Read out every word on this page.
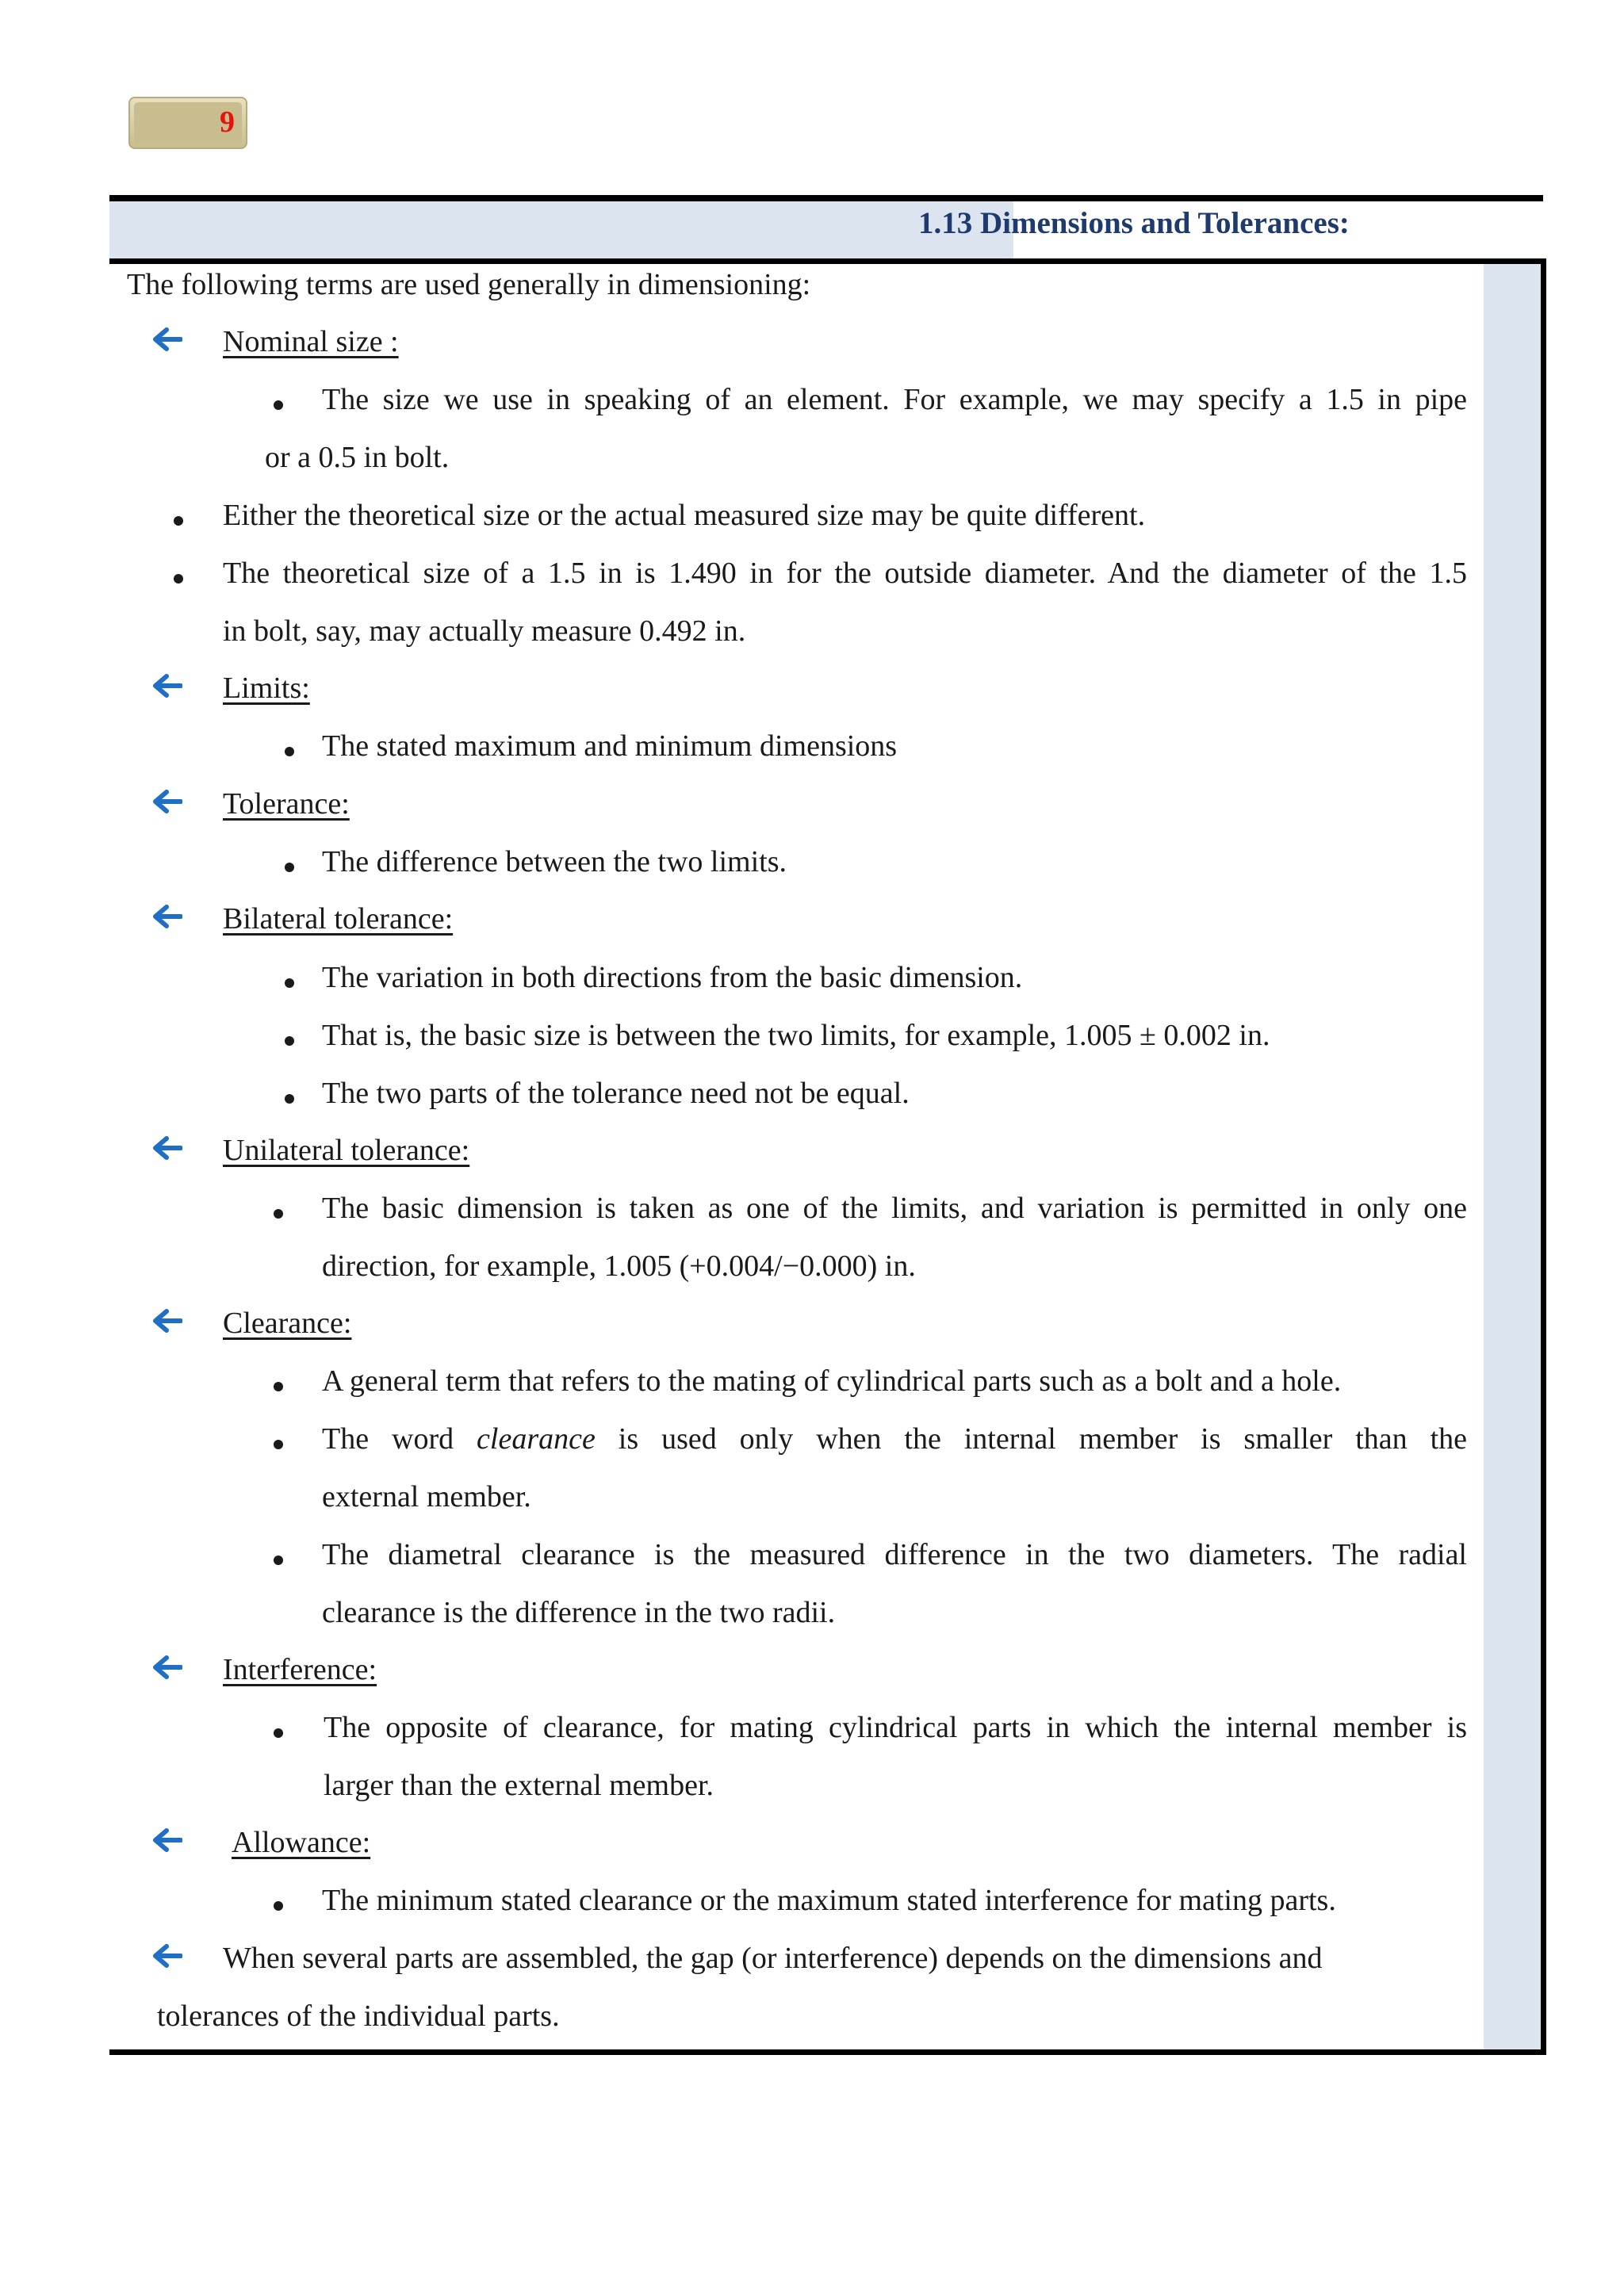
9
1.13 Dimensions and Tolerances:
The following terms are used generally in dimensioning:
Nominal size :
The size we use in speaking of an element. For example, we may specify a 1.5 in pipe
or a 0.5 in bolt.
Either the theoretical size or the actual measured size may be quite different.
The theoretical size of a 1.5 in is 1.490 in for the outside diameter. And the diameter of the 1.5
in bolt, say, may actually measure 0.492 in.
Limits:
The stated maximum and minimum dimensions
Tolerance:
The difference between the two limits.
Bilateral tolerance:
The variation in both directions from the basic dimension.
That is, the basic size is between the two limits, for example, 1.005 ± 0.002 in.
The two parts of the tolerance need not be equal.
Unilateral tolerance:
The basic dimension is taken as one of the limits, and variation is permitted in only one
direction, for example, 1.005 (+0.004/−0.000) in.
Clearance:
A general term that refers to the mating of cylindrical parts such as a bolt and a hole.
The word clearance is used only when the internal member is smaller than the
external member.
The diametral clearance is the measured difference in the two diameters. The radial
clearance is the difference in the two radii.
Interference:
The opposite of clearance, for mating cylindrical parts in which the internal member is
larger than the external member.
Allowance:
The minimum stated clearance or the maximum stated interference for mating parts.
When several parts are assembled, the gap (or interference) depends on the dimensions and
tolerances of the individual parts.
